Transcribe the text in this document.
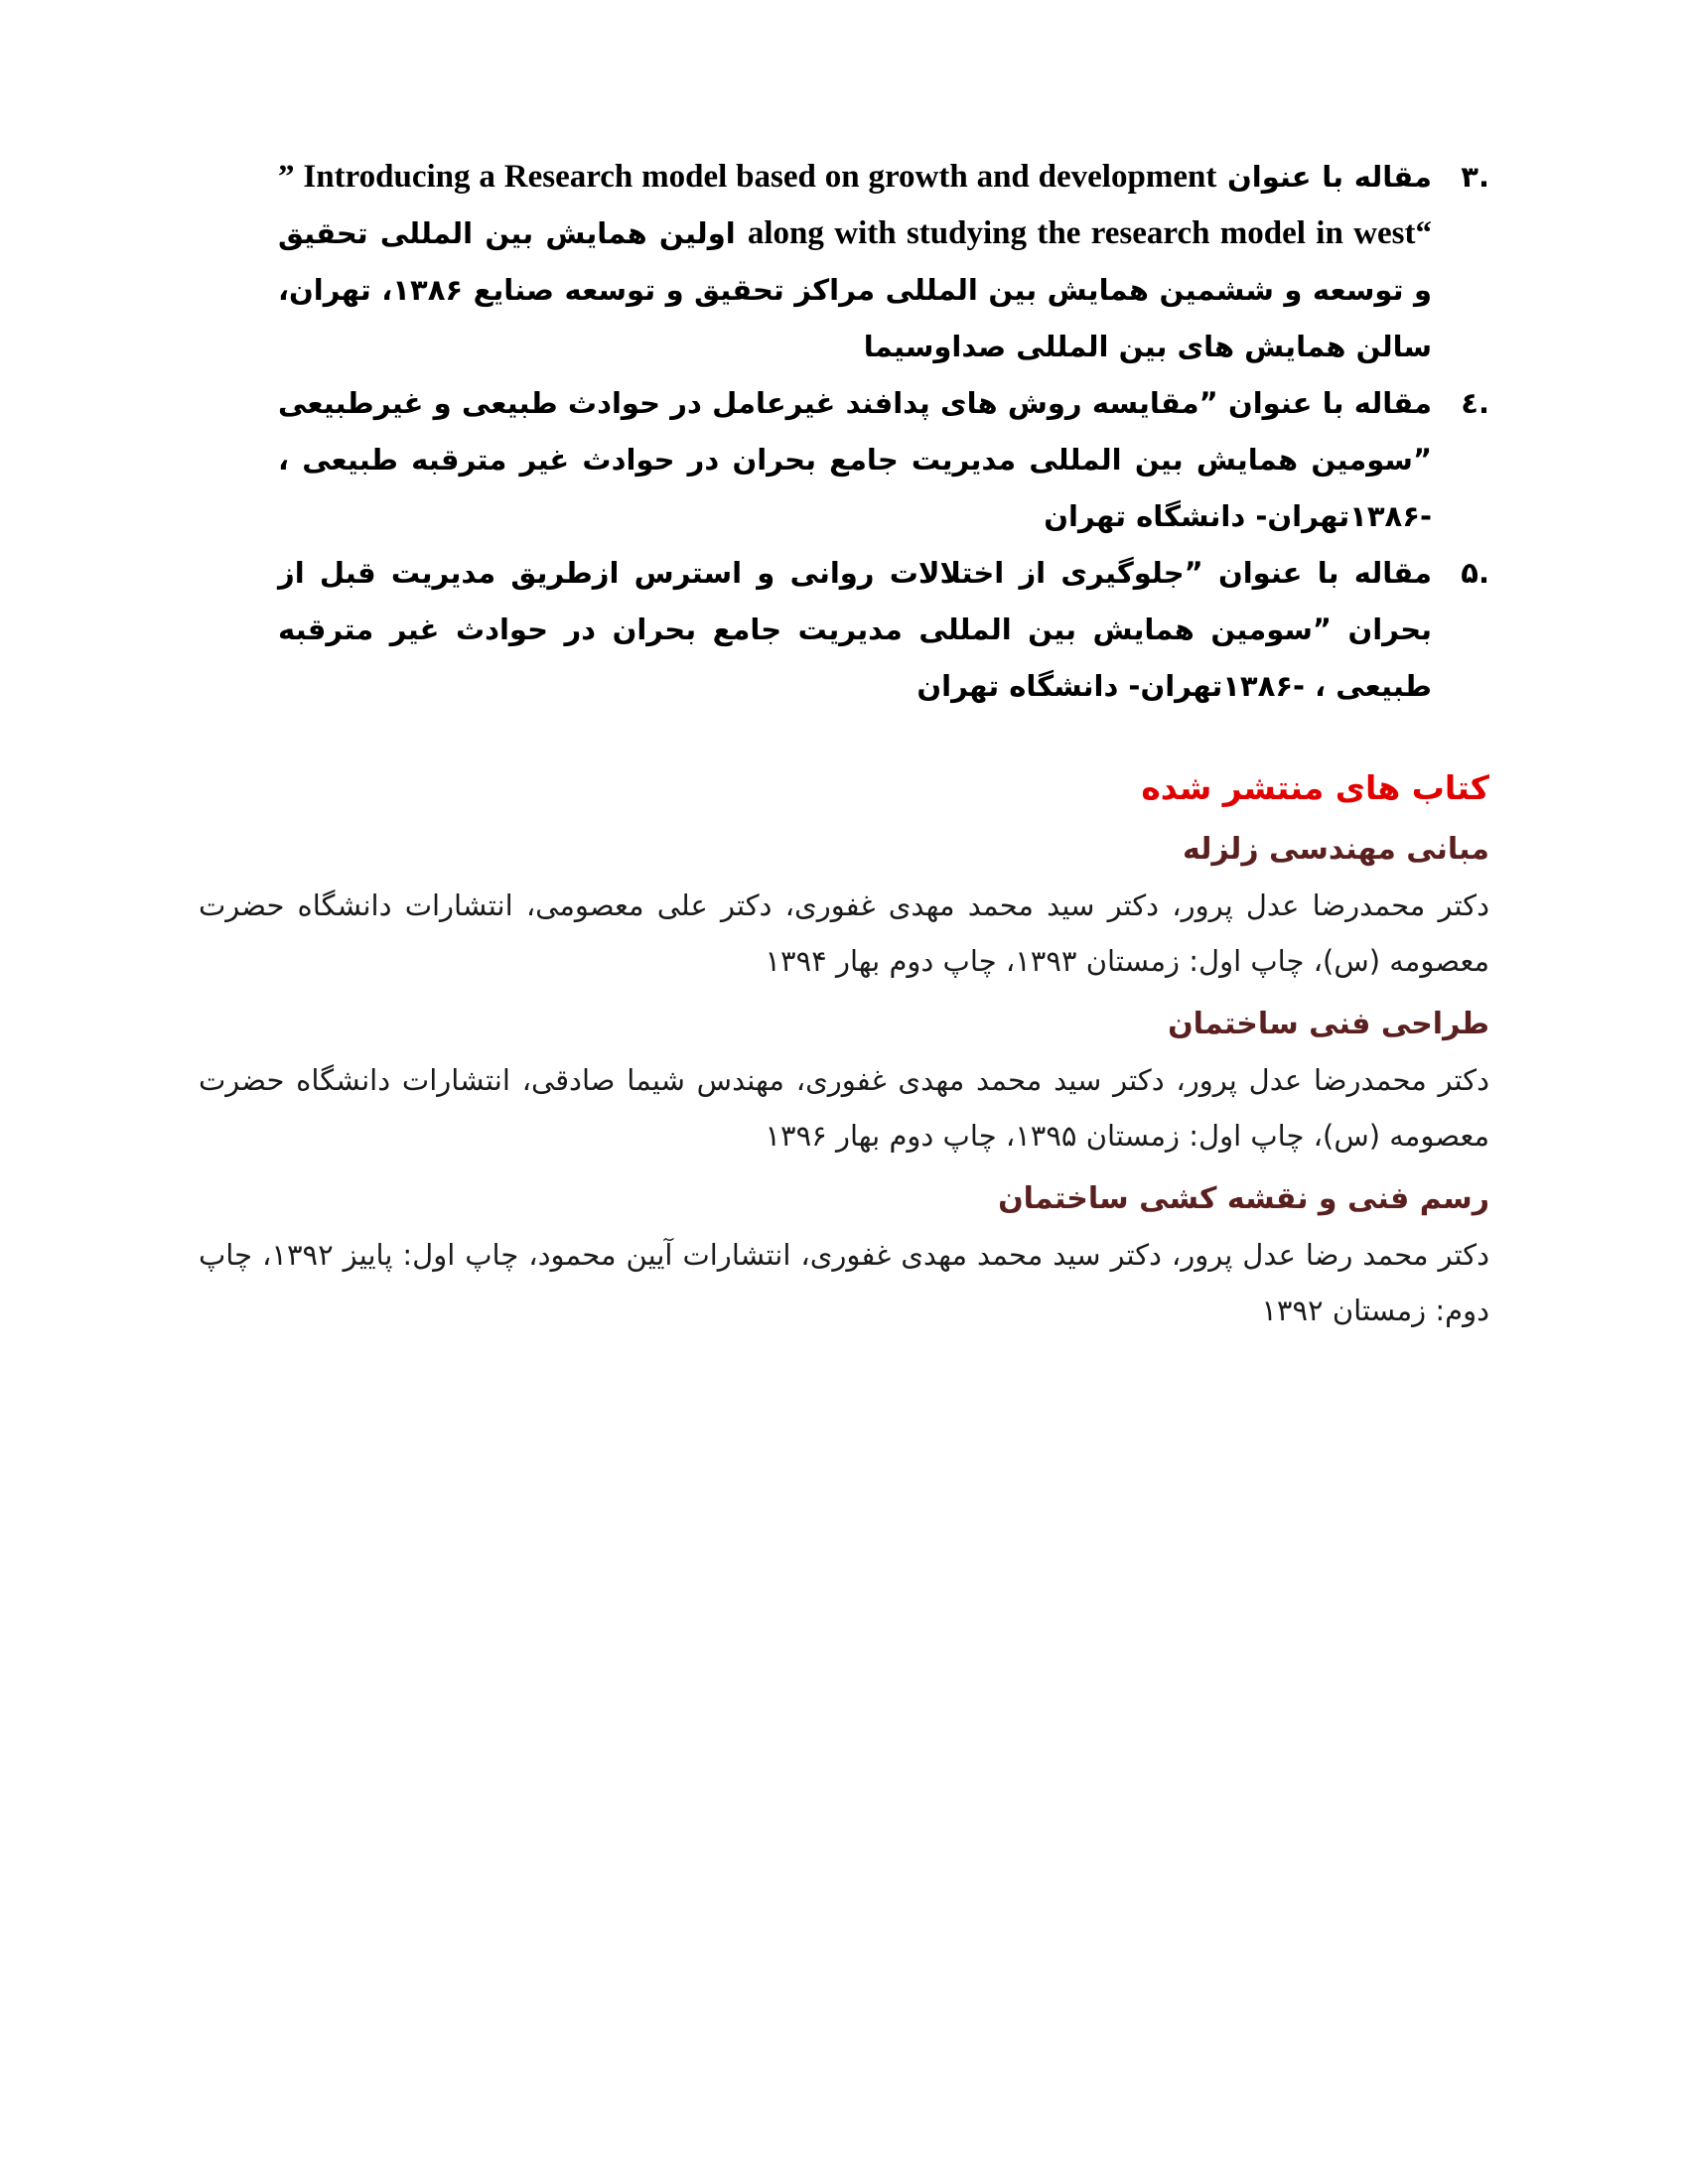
.۳
مقاله با عنوان ” Introducing a Research model based on growth and development along with studying the research model in west“ اولین همایش بین المللی تحقیق و توسعه و ششمین همایش بین المللی مراکز تحقیق و توسعه صنایع ۱۳۸۶، تهران، سالن همایش های بین المللی صداوسیما
.٤
مقاله با عنوان ”مقایسه روش های پدافند غیرعامل در حوادث طبیعی و غیرطبیعی ”سومین همایش بین المللی مدیریت جامع بحران در حوادث غیر مترقبه طبیعی ، -۱۳۸۶تهران- دانشگاه تهران
.۵
مقاله با عنوان ”جلوگیری از اختلالات روانی و استرس ازطریق مدیریت قبل از بحران ”سومین همایش بین المللی مدیریت جامع بحران در حوادث غیر مترقبه طبیعی ، -۱۳۸۶تهران- دانشگاه تهران
کتاب های منتشر شده
مبانی مهندسی زلزله
دکتر محمدرضا عدل پرور، دکتر سید محمد مهدی غفوری، دکتر علی معصومی، انتشارات دانشگاه حضرت معصومه (س)، چاپ اول: زمستان ۱۳۹۳، چاپ دوم بهار ۱۳۹۴
طراحی فنی ساختمان
دکتر محمدرضا عدل پرور، دکتر سید محمد مهدی غفوری، مهندس شیما صادقی، انتشارات دانشگاه حضرت معصومه (س)، چاپ اول: زمستان ۱۳۹۵، چاپ دوم بهار ۱۳۹۶
رسم فنی و نقشه کشی ساختمان
دکتر محمد رضا عدل پرور، دکتر سید محمد مهدی غفوری، انتشارات آیین محمود، چاپ اول: پاییز ۱۳۹۲، چاپ دوم: زمستان ۱۳۹۲
